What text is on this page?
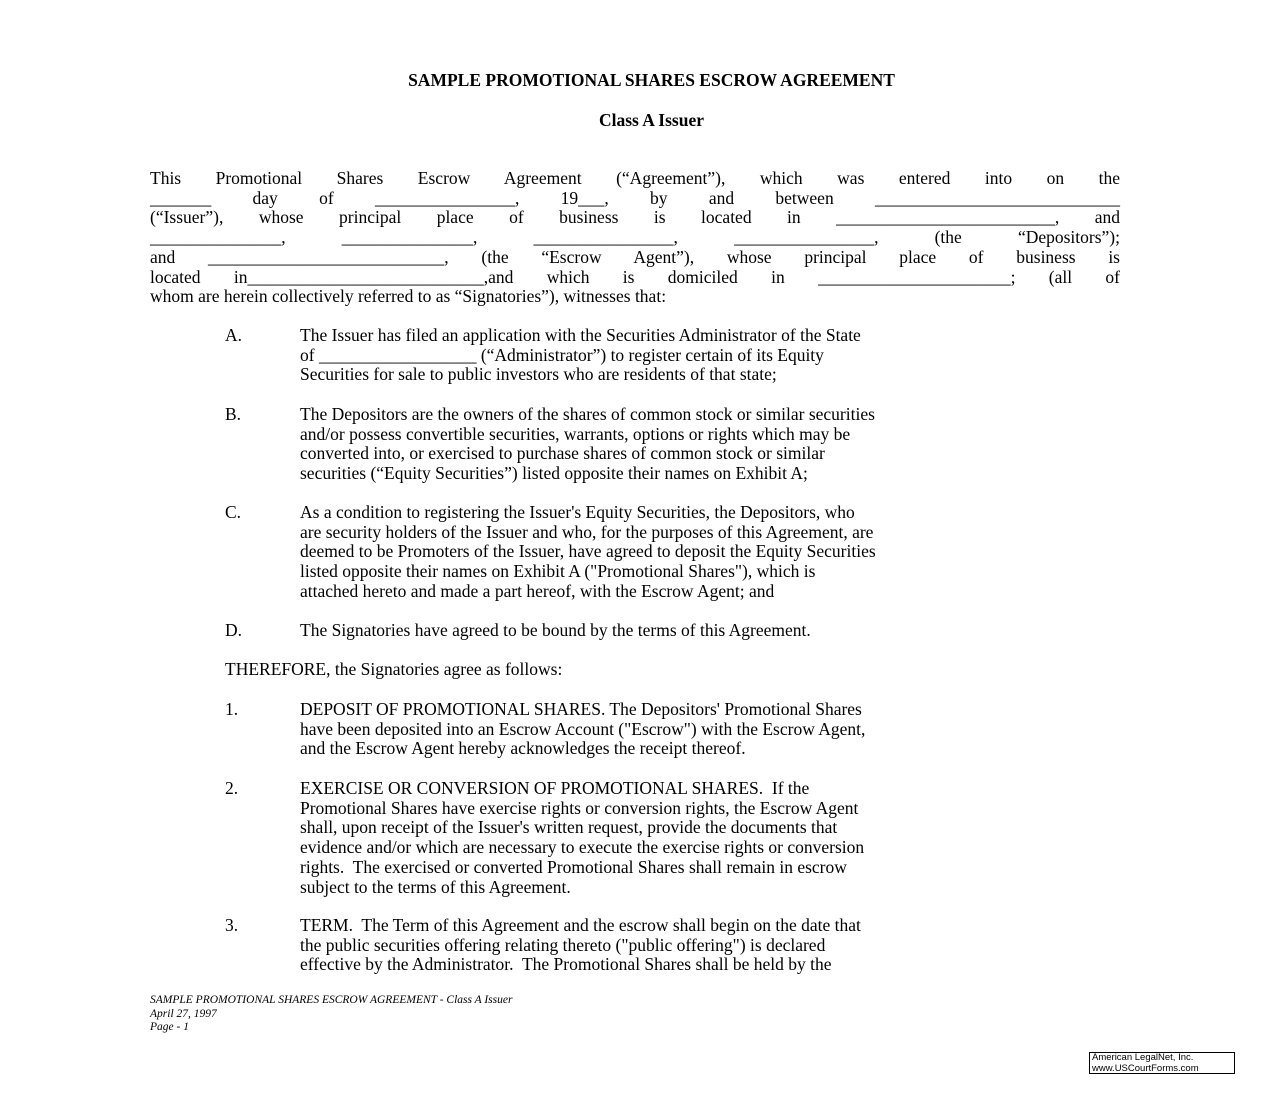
SAMPLE PROMOTIONAL SHARES ESCROW AGREEMENT
Class A Issuer
This Promotional Shares Escrow Agreement (“Agreement”), which was entered into on the
_______ day of ________________, 19___, by and between ____________________________
(“Issuer”), whose principal place of business is located in _________________________, and
_______________, _______________, ________________, ________________, (the “Depositors”);
and ___________________________, (the “Escrow Agent”), whose principal place of business is
located in___________________________,and which is domiciled in ______________________; (all of
whom are herein collectively referred to as “Signatories”), witnesses that:
A.	The Issuer has filed an application with the Securities Administrator of the State
of __________________ (“Administrator”) to register certain of its Equity
Securities for sale to public investors who are residents of that state;
B.	The Depositors are the owners of the shares of common stock or similar securities
and/or possess convertible securities, warrants, options or rights which may be
converted into, or exercised to purchase shares of common stock or similar
securities (“Equity Securities”) listed opposite their names on Exhibit A;
C.	As a condition to registering the Issuer's Equity Securities, the Depositors, who
are security holders of the Issuer and who, for the purposes of this Agreement, are
deemed to be Promoters of the Issuer, have agreed to deposit the Equity Securities
listed opposite their names on Exhibit A ("Promotional Shares"), which is
attached hereto and made a part hereof, with the Escrow Agent; and
D.	The Signatories have agreed to be bound by the terms of this Agreement.
THEREFORE, the Signatories agree as follows:
1.	DEPOSIT OF PROMOTIONAL SHARES. The Depositors' Promotional Shares
have been deposited into an Escrow Account ("Escrow") with the Escrow Agent,
and the Escrow Agent hereby acknowledges the receipt thereof.
2.	EXERCISE OR CONVERSION OF PROMOTIONAL SHARES.  If the
Promotional Shares have exercise rights or conversion rights, the Escrow Agent
shall, upon receipt of the Issuer's written request, provide the documents that
evidence and/or which are necessary to execute the exercise rights or conversion
rights.  The exercised or converted Promotional Shares shall remain in escrow
subject to the terms of this Agreement.
3.	TERM.  The Term of this Agreement and the escrow shall begin on the date that
the public securities offering relating thereto ("public offering") is declared
effective by the Administrator.  The Promotional Shares shall be held by the
SAMPLE PROMOTIONAL SHARES ESCROW AGREEMENT - Class A Issuer
April 27, 1997
Page - 1
American LegalNet, Inc.
www.USCourtForms.com
